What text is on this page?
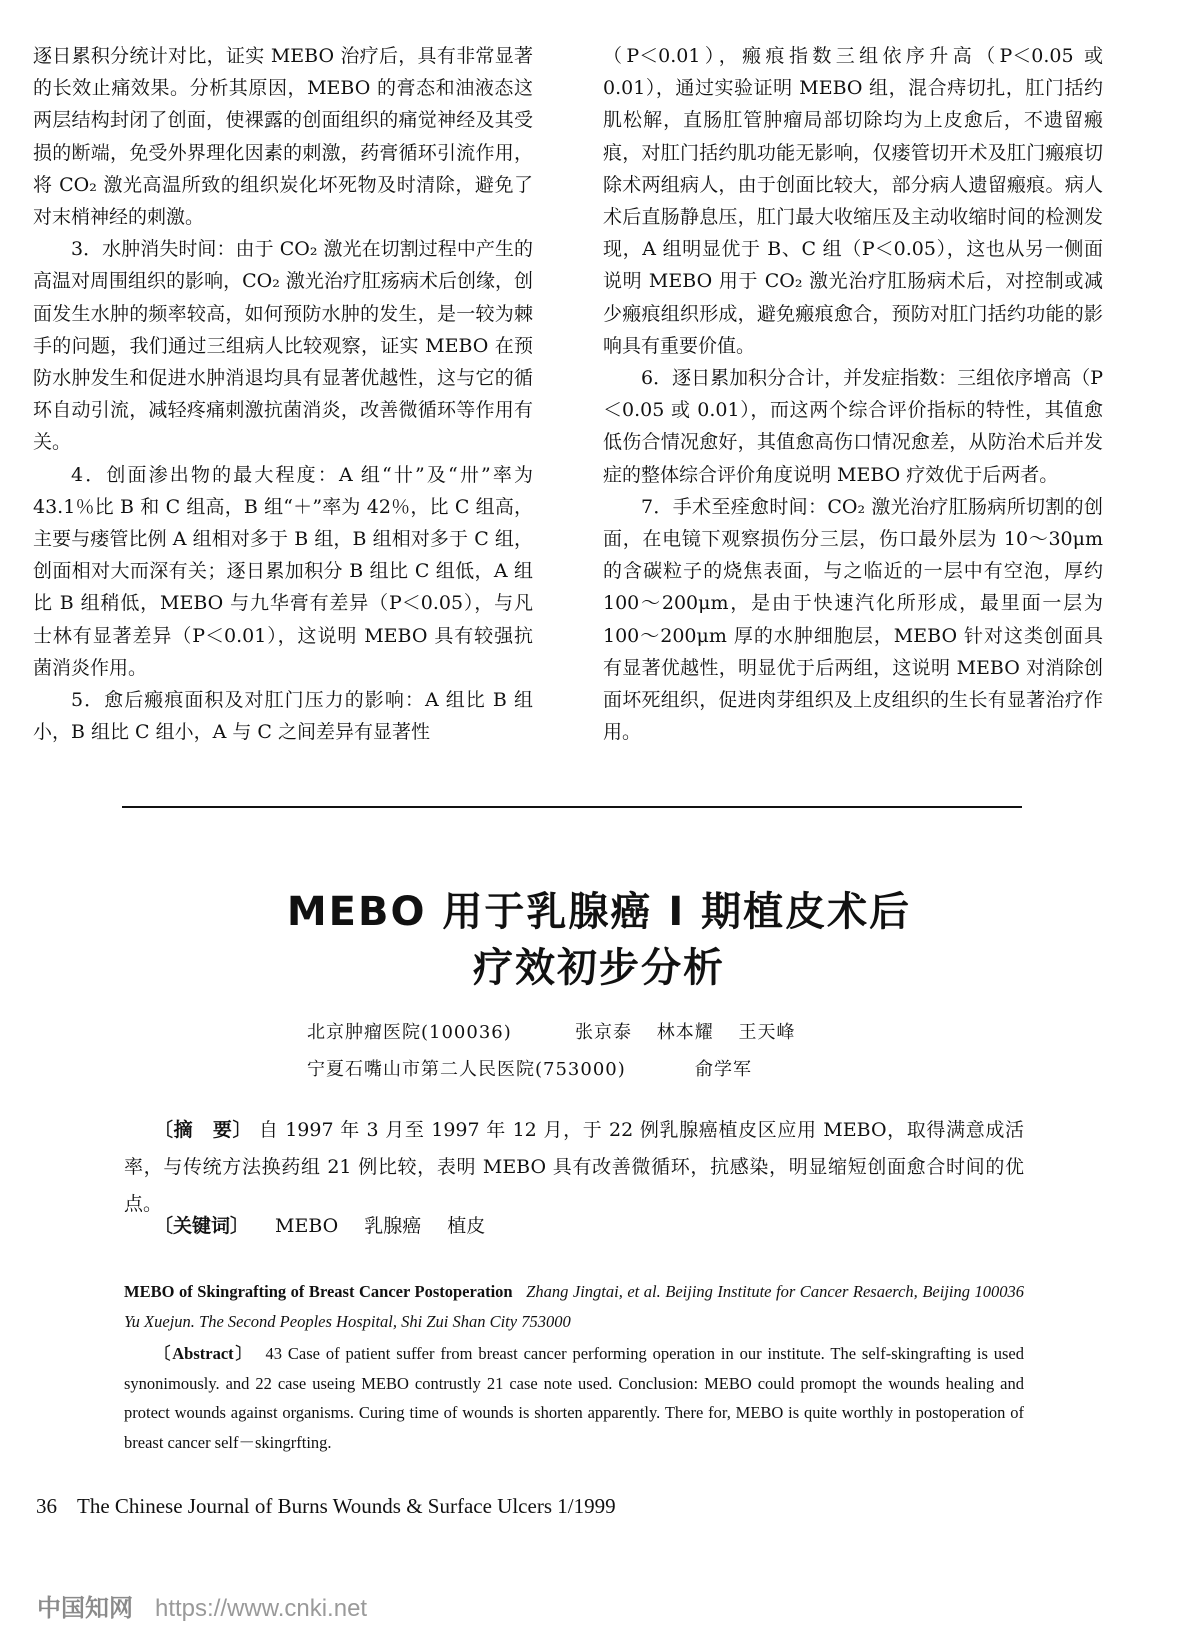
逐日累积分统计对比，证实 MEBO 治疗后，具有非常显著的长效止痛效果。分析其原因，MEBO 的膏态和油液态这两层结构封闭了创面，使裸露的创面组织的痛觉神经及其受损的断端，免受外界理化因素的刺激，药膏循环引流作用，将 CO₂ 激光高温所致的组织炭化坏死物及时清除，避免了对末梢神经的刺激。

3．水肿消失时间：由于 CO₂ 激光在切割过程中产生的高温对周围组织的影响，CO₂ 激光治疗肛疡病术后创缘，创面发生水肿的频率较高，如何预防水肿的发生，是一较为棘手的问题，我们通过三组病人比较观察，证实 MEBO 在预防水肿发生和促进水肿消退均具有显著优越性，这与它的循环自动引流，减轻疼痛刺激抗菌消炎，改善微循环等作用有关。

4．创面渗出物的最大程度：A 组“卄”及“卅”率为 43.1％比 B 和 C 组高，B 组“＋”率为 42％，比 C 组高，主要与瘘管比例 A 组相对多于 B 组，B 组相对多于 C 组，创面相对大而深有关；逐日累加积分 B 组比 C 组低，A 组比 B 组稍低，MEBO 与九华膏有差异（P＜0.05），与凡士林有显著差异（P＜0.01），这说明 MEBO 具有较强抗菌消炎作用。

5．愈后瘢痕面积及对肛门压力的影响：A 组比 B 组小，B 组比 C 组小，A 与 C 之间差异有显著性

（P＜0.01），瘢痕指数三组依序升高（P＜0.05 或 0.01），通过实验证明 MEBO 组，混合痔切扎，肛门括约肌松解，直肠肛管肿瘤局部切除均为上皮愈后，不遗留瘢痕，对肛门括约肌功能无影响，仅瘘管切开术及肛门瘢痕切除术两组病人，由于创面比较大，部分病人遗留瘢痕。病人术后直肠静息压，肛门最大收缩压及主动收缩时间的检测发现，A 组明显优于 B、C 组（P＜0.05），这也从另一侧面说明 MEBO 用于 CO₂ 激光治疗肛肠病术后，对控制或减少瘢痕组织形成，避免瘢痕愈合，预防对肛门括约功能的影响具有重要价值。

6．逐日累加积分合计，并发症指数：三组依序增高（P＜0.05 或 0.01），而这两个综合评价指标的特性，其值愈低伤合情况愈好，其值愈高伤口情况愈差，从防治术后并发症的整体综合评价角度说明 MEBO 疗效优于后两者。

7．手术至痊愈时间：CO₂ 激光治疗肛肠病所切割的创面，在电镜下观察损伤分三层，伤口最外层为 10～30μm 的含碳粒子的烧焦表面，与之临近的一层中有空泡，厚约 100～200μm，是由于快速汽化所形成，最里面一层为 100～200μm 厚的水肿细胞层，MEBO 针对这类创面具有显著优越性，明显优于后两组，这说明 MEBO 对消除创面坏死组织，促进肉芽组织及上皮组织的生长有显著治疗作用。

MEBO 用于乳腺癌 I 期植皮术后
疗效初步分析
北京肿瘤医院(100036)	张京泰 林本耀 王天峰
宁夏石嘴山市第二人民医院(753000)	俞学军

〔摘　要〕 自 1997 年 3 月至 1997 年 12 月，于 22 例乳腺癌植皮区应用 MEBO，取得满意成活率，与传统方法换药组 21 例比较，表明 MEBO 具有改善微循环，抗感染，明显缩短创面愈合时间的优点。

〔关键词〕 MEBO 乳腺癌 植皮

MEBO of Skingrafting of Breast Cancer Postoperation Zhang Jingtai, et al. Beijing Institute for Cancer Resaerch, Beijing 100036 Yu Xuejun. The Second Peoples Hospital, Shi Zui Shan City 753000

〔Abstract〕 43 Case of patient suffer from breast cancer performing operation in our institute. The self-skingrafting is used synonimously. and 22 case useing MEBO contrustly 21 case note used. Conclusion: MEBO could promopt the wounds healing and protect wounds against organisms. Curing time of wounds is shorten apparently. There for, MEBO is quite worthly in postoperation of breast cancer self－skingrfting.

36 The Chinese Journal of Burns Wounds & Surface Ulcers 1/1999
中国知网 https://www.cnki.net
